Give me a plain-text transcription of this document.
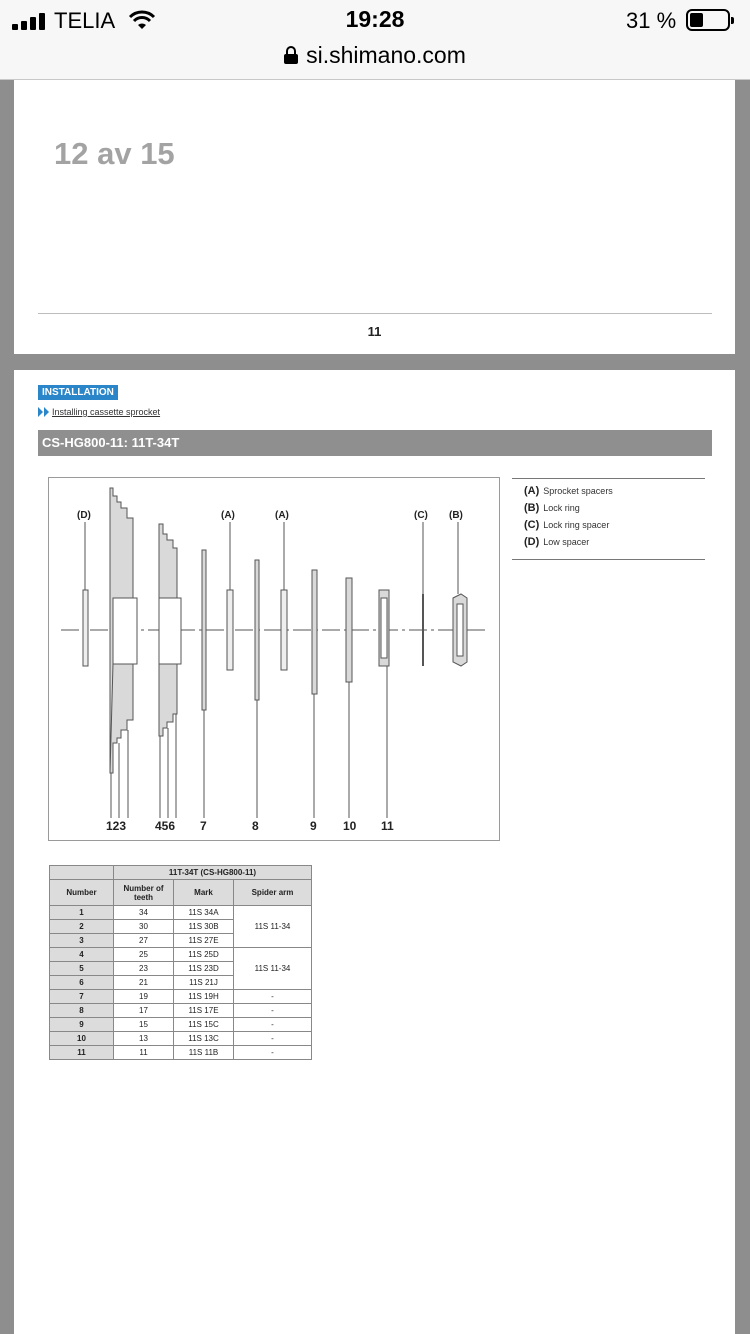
TELIA	19:28	31 %
si.shimano.com
12 av 15
11
INSTALLATION
Installing cassette sprocket
CS-HG800-11: 11T-34T
(D)	(A)	(A)	(C) (B)
123 456 7	8	9 10 11
(A) Sprocket spacers
(B) Lock ring
(C) Lock ring spacer
(D) Low spacer
	11T-34T (CS-HG800-11)		
Number	Number of teeth	Mark	Spider arm
1	34	11S 34A	11S 11-34
2	30	11S 30B	
3	27	11S 27E	
4	25	11S 25D	11S 11-34
5	23	11S 23D	
6	21	11S 21J	
7	19	11S 19H	-
8	17	11S 17E	-
9	15	11S 15C	-
10	13	11S 13C	-
11	11	11S 11B	-
